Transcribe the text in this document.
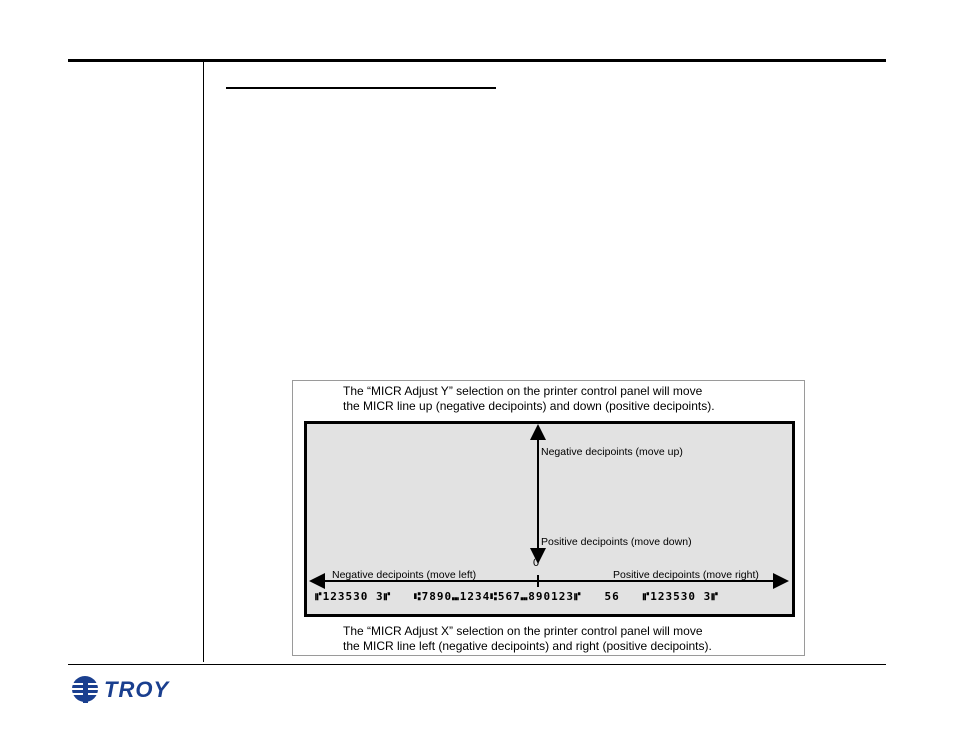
The “MICR Adjust Y” selection on the printer control panel will move
the MICR line up (negative decipoints) and down (positive decipoints).
Negative decipoints (move up)
Positive decipoints (move down)
0
Negative decipoints (move left)	Positive decipoints (move right)
⑈123530 3⑈   ⑆7890⑉1234⑆567⑉890123⑈   56   ⑈123530 3⑈
The “MICR Adjust X” selection on the printer control panel will move
the MICR line left (negative decipoints) and right (positive decipoints).
TROY
